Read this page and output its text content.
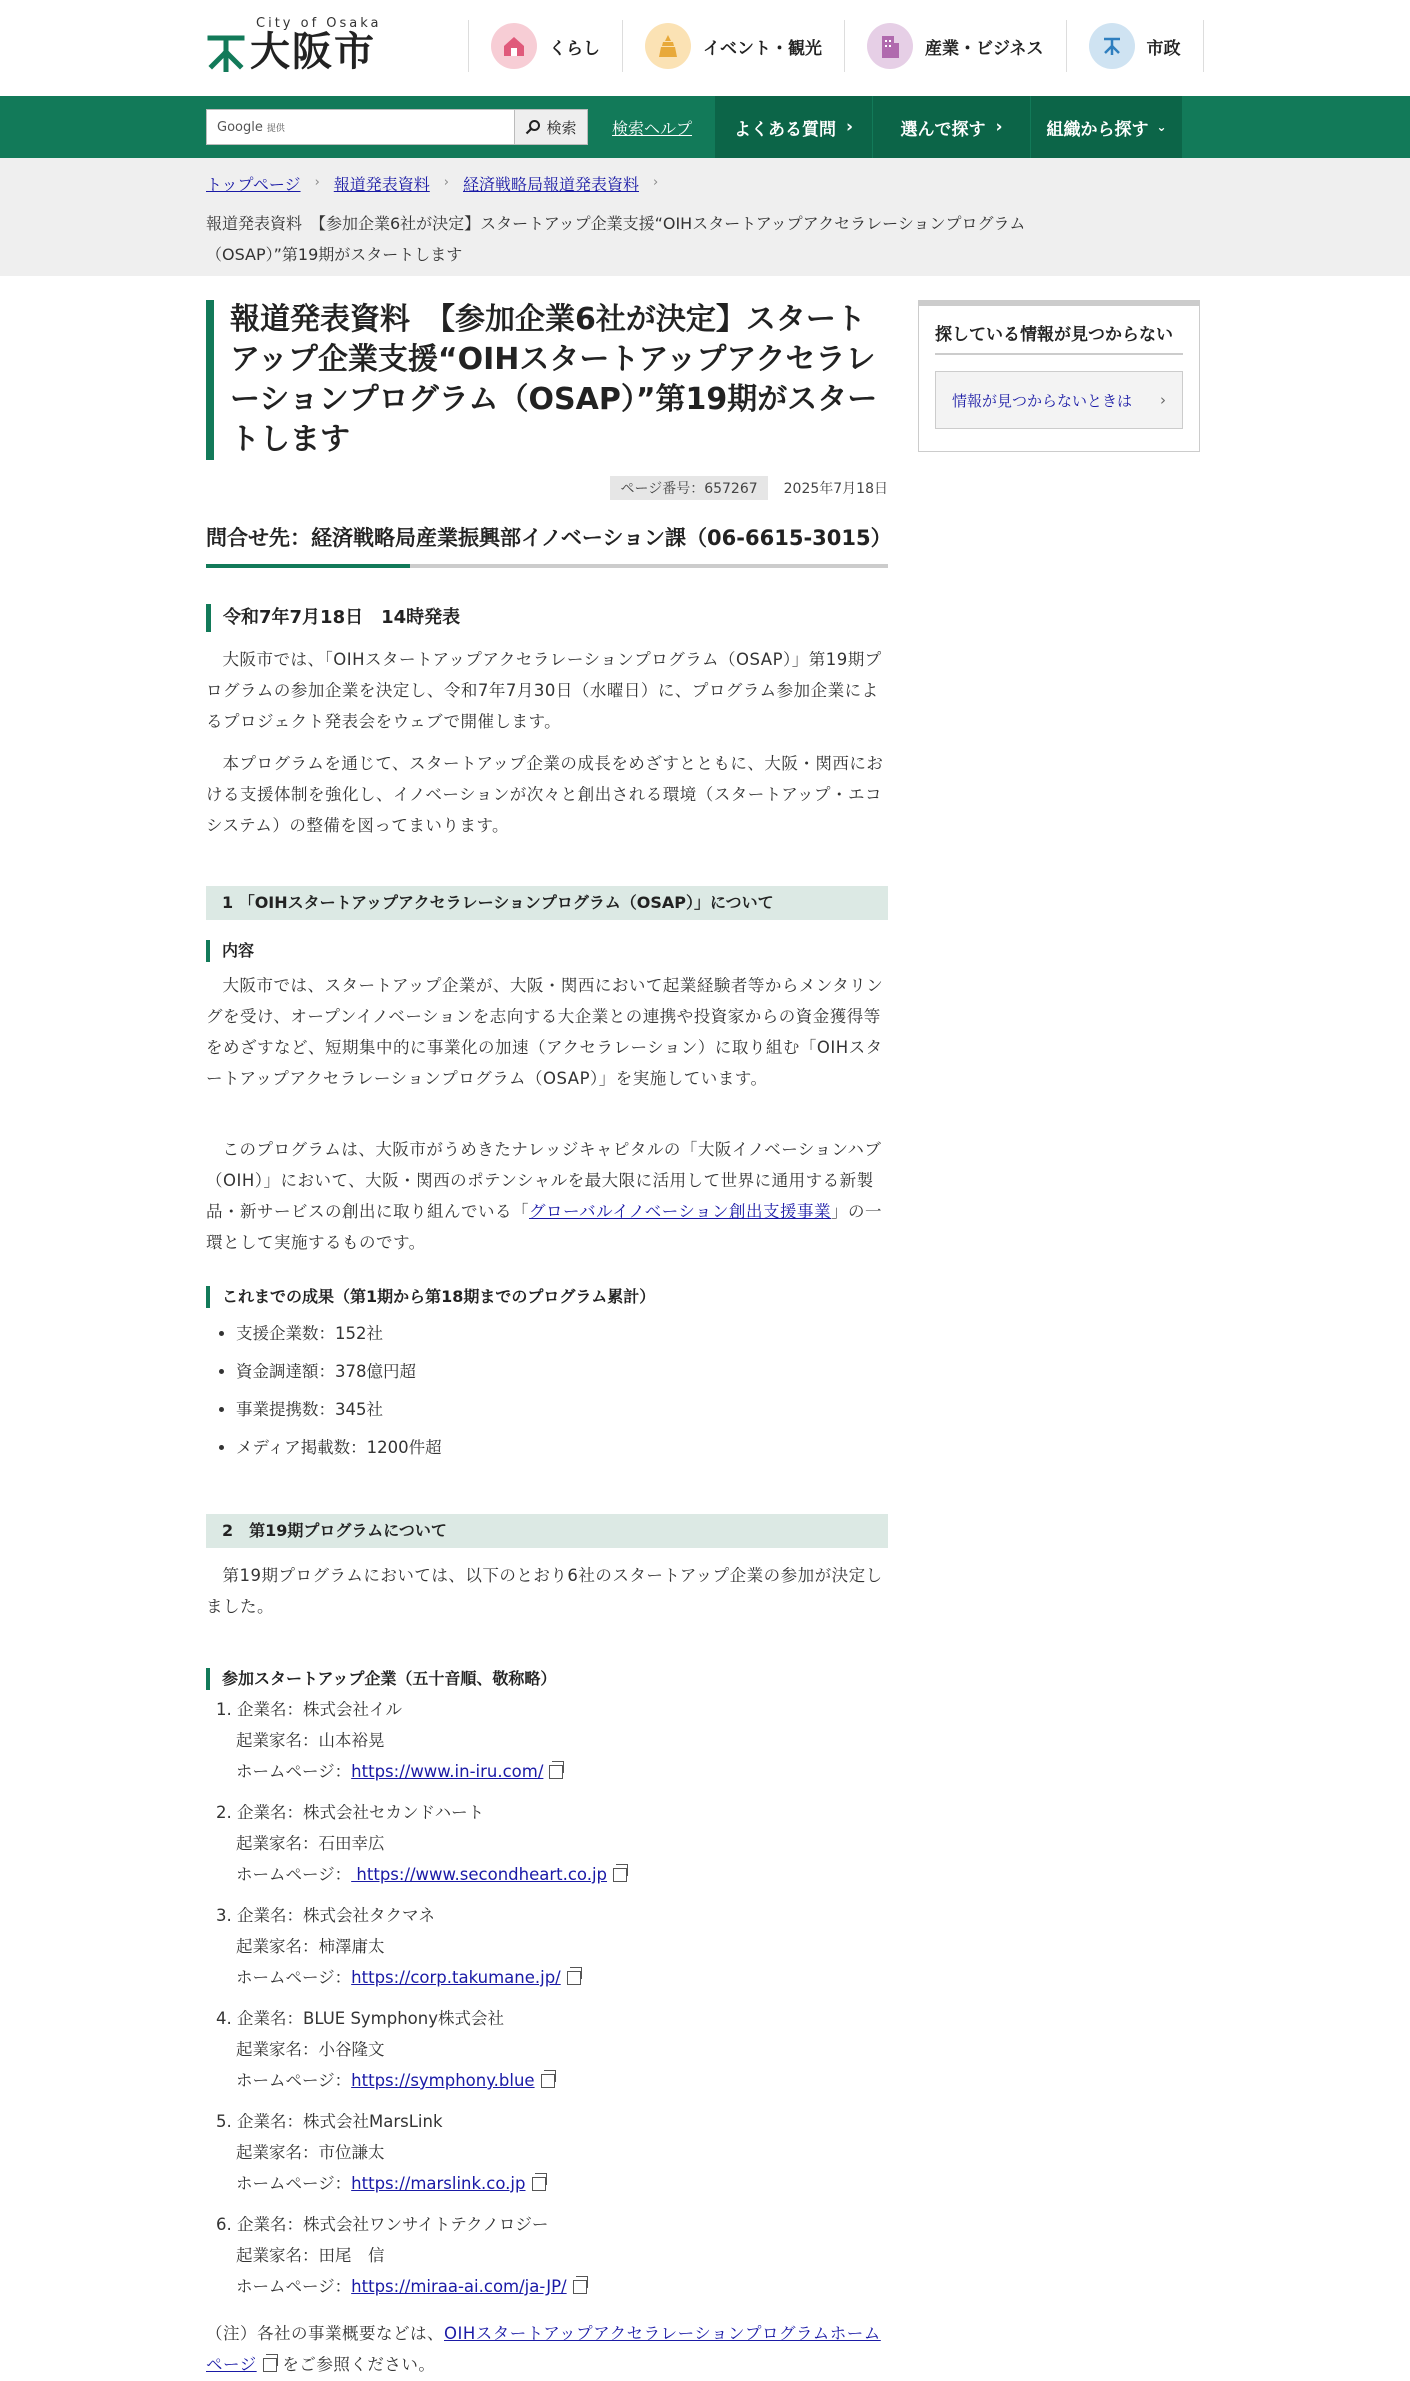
City of Osaka
大阪市	くらし	イベント・観光	産業・ビジネス	市政
Google 提供	検索 検索ヘルプ よくある質問 ›	選んで探す ›	組織から探す ⌄
トップページ › 報道発表資料 › 経済戦略局報道発表資料 ›
報道発表資料　【参加企業6社が決定】スタートアップ企業支援“OIHスタートアップアクセラレーションプログラム（OSAP）”第19期がスタートします
報道発表資料　【参加企業6社が決定】スタートアップ企業支援“OIHスタートアップアクセラレーションプログラム（OSAP）”第19期がスタートします
ページ番号：657267	2025年7月18日
問合せ先：経済戦略局産業振興部イノベーション課（06-6615-3015）
令和7年7月18日　14時発表

大阪市では、「OIHスタートアップアクセラレーションプログラム（OSAP）」第19期プログラムの参加企業を決定し、令和7年7月30日（水曜日）に、プログラム参加企業によるプロジェクト発表会をウェブで開催します。

本プログラムを通じて、スタートアップ企業の成長をめざすとともに、大阪・関西における支援体制を強化し、イノベーションが次々と創出される環境（スタートアップ・エコシステム）の整備を図ってまいります。

1 「OIHスタートアップアクセラレーションプログラム（OSAP）」について
内容

大阪市では、スタートアップ企業が、大阪・関西において起業経験者等からメンタリングを受け、オープンイノベーションを志向する大企業との連携や投資家からの資金獲得等をめざすなど、短期集中的に事業化の加速（アクセラレーション）に取り組む「OIHスタートアップアクセラレーションプログラム（OSAP）」を実施しています。

このプログラムは、大阪市がうめきたナレッジキャピタルの「大阪イノベーションハブ（OIH）」において、大阪・関西のポテンシャルを最大限に活用して世界に通用する新製品・新サービスの創出に取り組んでいる「グローバルイノベーション創出支援事業」の一環として実施するものです。

これまでの成果（第1期から第18期までのプログラム累計）
• 支援企業数：152社
• 資金調達額：378億円超
• 事業提携数：345社
• メディア掲載数：1200件超
2　第19期プログラムについて

第19期プログラムにおいては、以下のとおり6社のスタートアップ企業の参加が決定しました。

参加スタートアップ企業（五十音順、敬称略）
1. 企業名：株式会社イル
起業家名：山本裕晃
ホームページ：https://www.in-iru.com/
2. 企業名：株式会社セカンドハート
起業家名：石田幸広
ホームページ： https://www.secondheart.co.jp
3. 企業名：株式会社タクマネ
起業家名：柿澤庸太
ホームページ：https://corp.takumane.jp/
4. 企業名：BLUE Symphony株式会社
起業家名：小谷隆文
ホームページ：https://symphony.blue
5. 企業名：株式会社MarsLink
起業家名：市位謙太
ホームページ：https://marslink.co.jp
6. 企業名：株式会社ワンサイトテクノロジー
起業家名：田尾　信
ホームページ：https://miraa-ai.com/ja-JP/

（注）各社の事業概要などは、OIHスタートアップアクセラレーションプログラムホームページ をご参照ください。

探している情報が見つからない
情報が見つからないときは ›
